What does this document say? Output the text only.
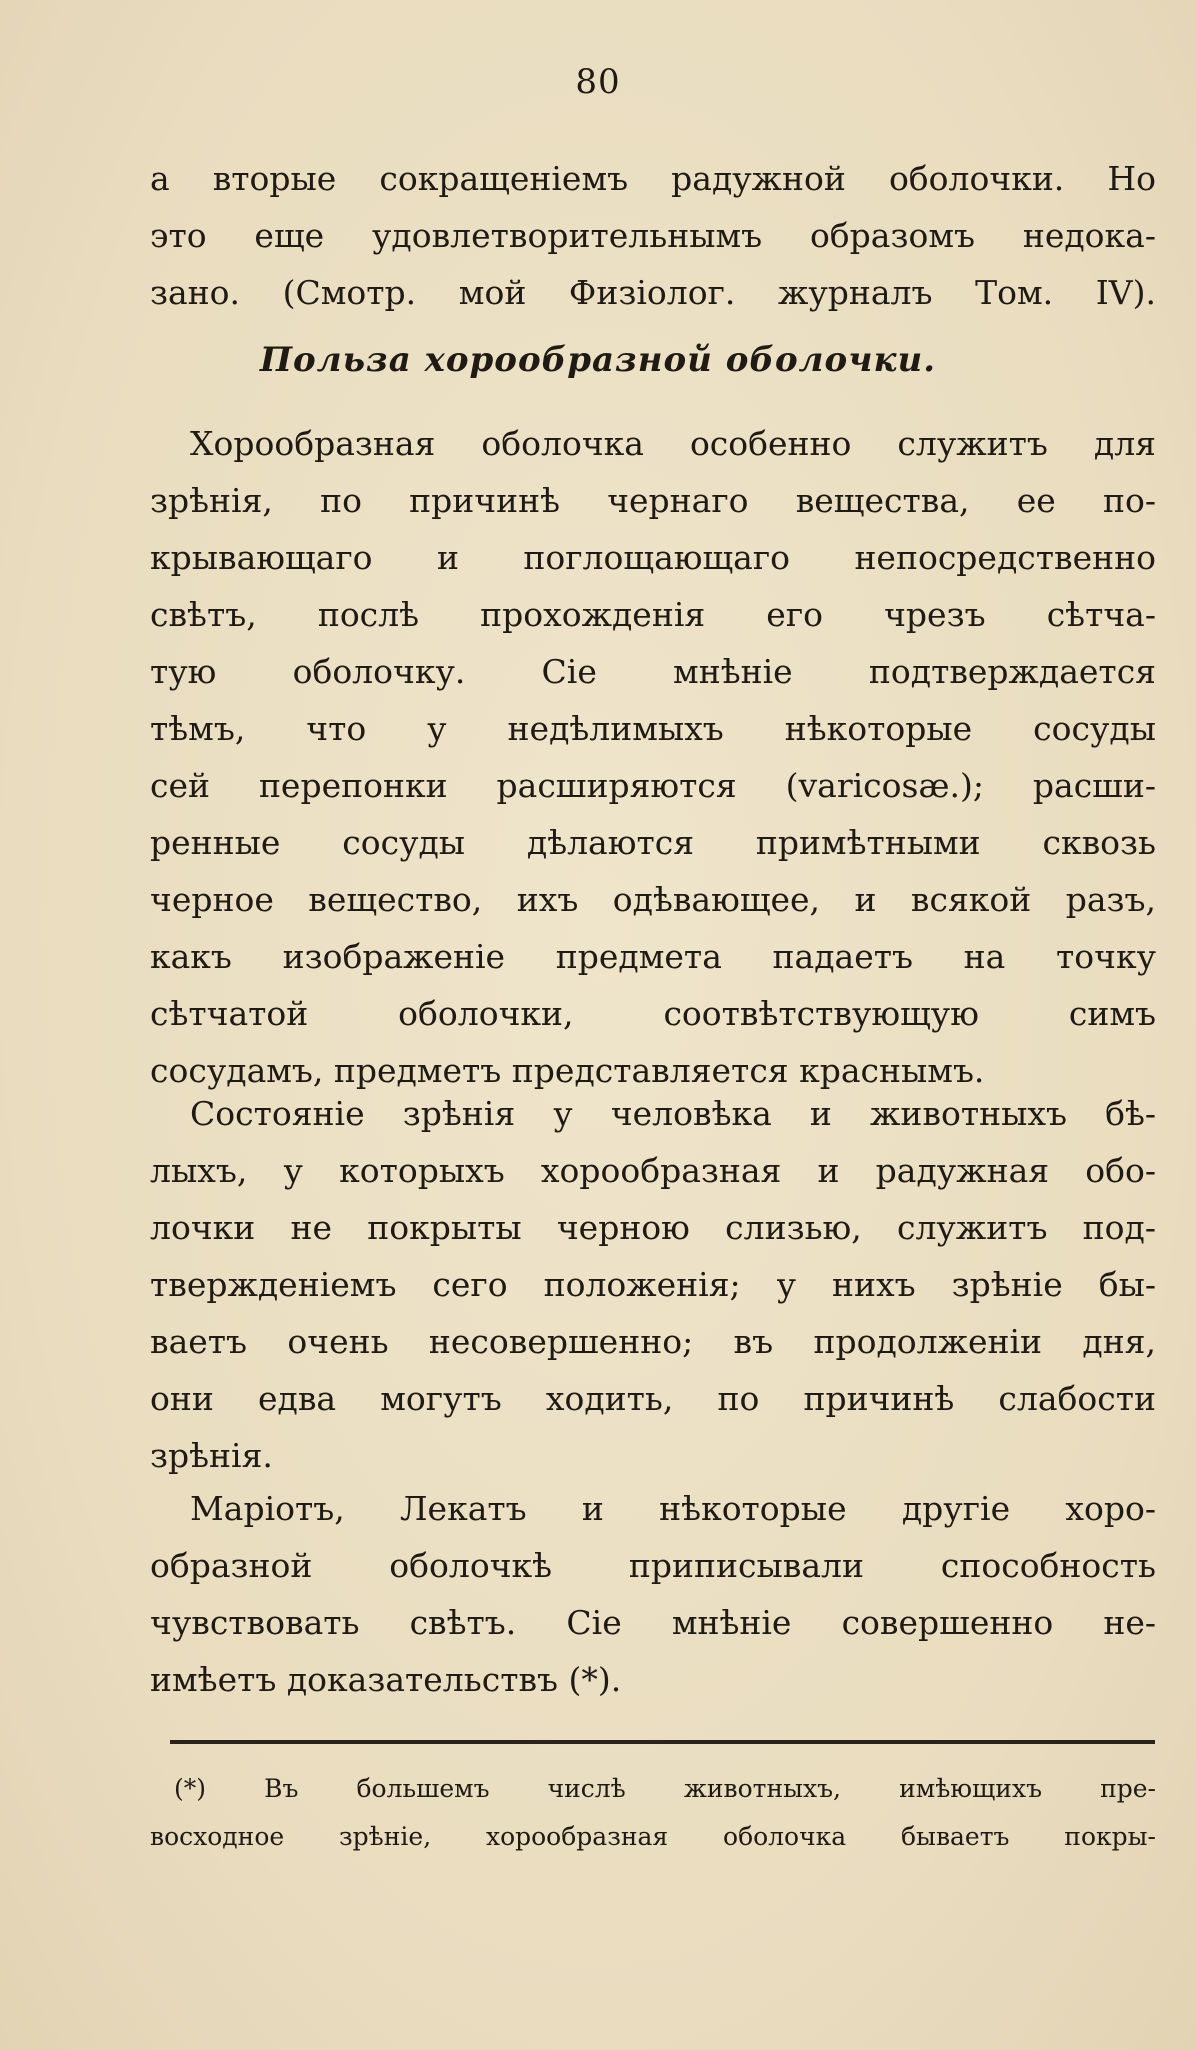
80
а вторые сокращенiемъ радужной оболочки. Но
это еще удовлетворительнымъ образомъ недока-
зано. (Смотр. мой Физiолог. журналъ Том. IV).
Польза хорообразной оболочки.
Хорообразная оболочка особенно служитъ для
зрѣнiя, по причинѣ чернаго вещества, ее по-
крывающаго и поглощающаго непосредственно
свѣтъ, послѣ прохожденiя его чрезъ сѣтча-
тую оболочку. Сiе мнѣнiе подтверждается
тѣмъ, что у недѣлимыхъ нѣкоторые сосуды
сей перепонки расширяются (varicosæ.); расши-
ренные сосуды дѣлаются примѣтными сквозь
черное вещество, ихъ одѣвающее, и всякой разъ,
какъ изображенiе предмета падаетъ на точку
сѣтчатой оболочки, соотвѣтствующую симъ
сосудамъ, предметъ представляется краснымъ.
Состоянiе зрѣнiя у человѣка и животныхъ бѣ-
лыхъ, у которыхъ хорообразная и радужная обо-
лочки не покрыты черною слизью, служитъ под-
твержденiемъ сего положенiя; у нихъ зрѣнiе бы-
ваетъ очень несовершенно; въ продолженiи дня,
они едва могутъ ходить, по причинѣ слабости
зрѣнiя.
Марiотъ, Лекатъ и нѣкоторые другiе хоро-
образной оболочкѣ приписывали способность
чувствовать свѣтъ. Сiе мнѣнiе совершенно не-
имѣетъ доказательствъ (*).
(*) Въ большемъ числѣ животныхъ, имѣющихъ пре-
восходное зрѣнiе, хорообразная оболочка бываетъ покры-
